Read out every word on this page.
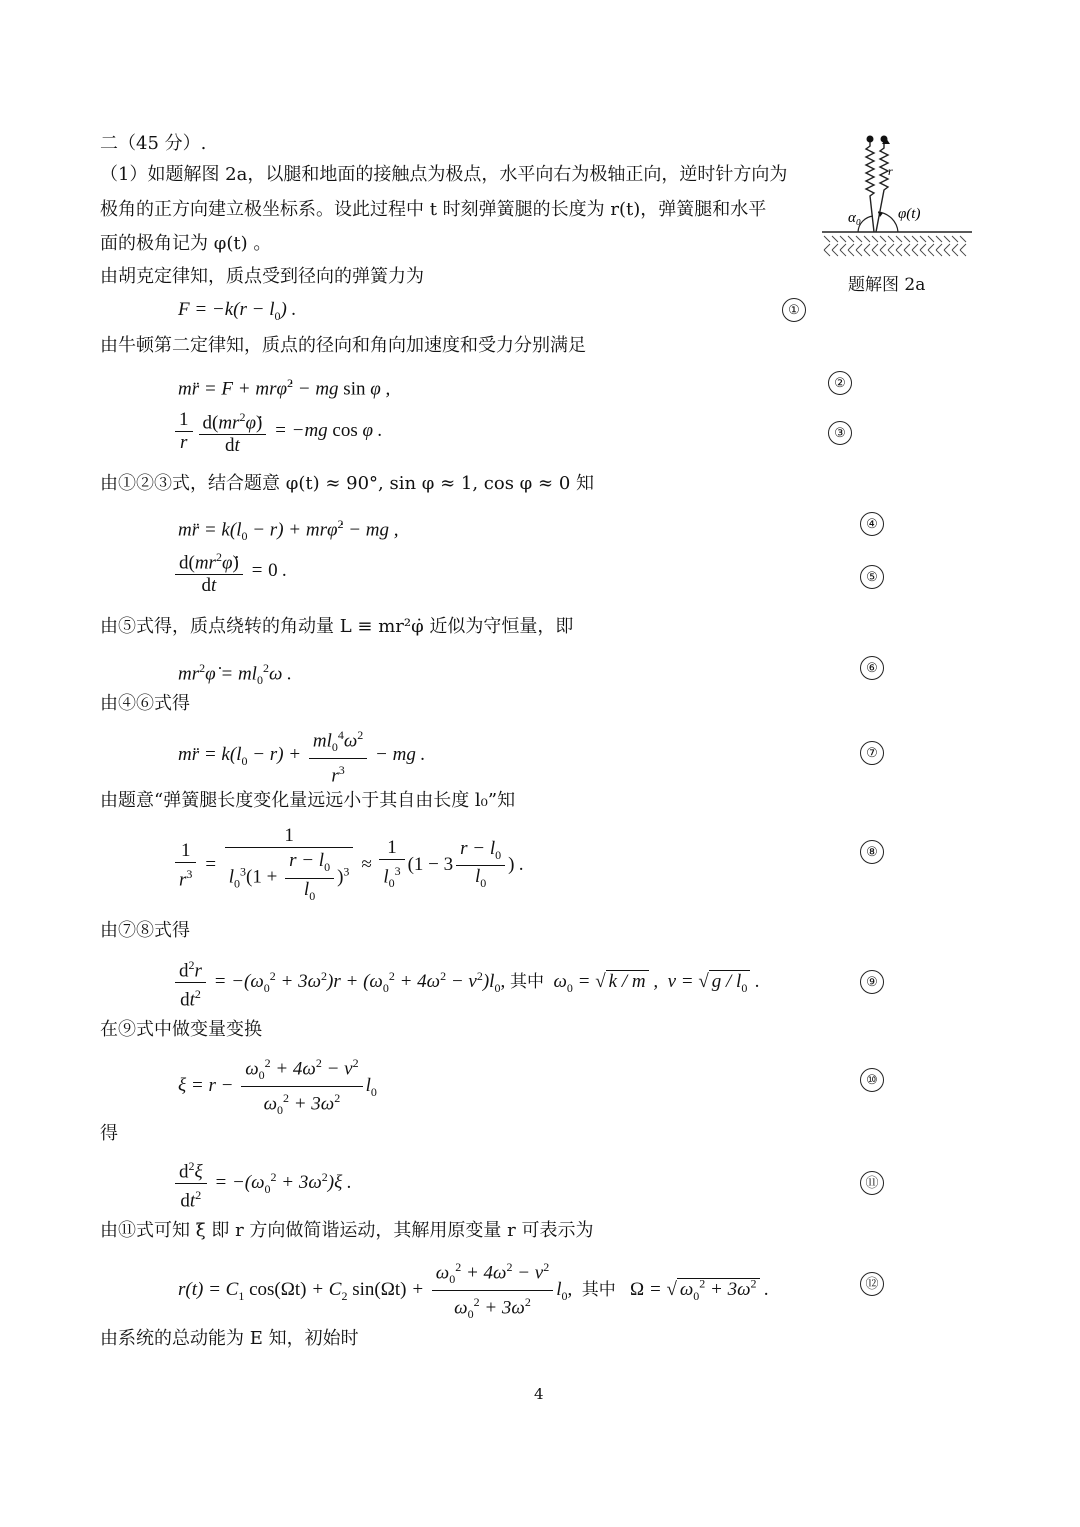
二（45 分）.
（1）如题解图 2a，以腿和地面的接触点为极点，水平向右为极轴正向，逆时针方向为
极角的正方向建立极坐标系。设此过程中 t 时刻弹簧腿的长度为 r(t)，弹簧腿和水平
面的极角记为 φ(t) 。
由胡克定律知，质点受到径向的弹簧力为
$F = -k(r - l_0)$ .	①
由牛顿第二定律知，质点的径向和角向加速度和受力分别满足
mr̈ = F + mrφ̇$^2$ − mg sin φ ,	②
$\frac{1}{r} \frac{d(mr^2\varphi̇)}{dt} = -mg$ cos φ .	③
由①②③式，结合题意 φ(t) ≈ 90°, sin φ ≈ 1, cos φ ≈ 0 知
mr̈ = $k(l_0 - r)$ + mrφ̇$^2$ − mg ,	④
$\frac{d(mr^2\varphi̇)}{dt} = 0$ .	⑤
由⑤式得，质点绕转的角动量 L ≡ mr²φ̇ 近似为守恒量，即
$mr^2\varphi̇ = ml_0^2\omega$ .	⑥
由④⑥式得
mr̈ = $k(l_0 - r) + \frac{ml_0^4\omega^2}{r^3}$ − mg .	⑦
由题意“弹簧腿长度变化量远远小于其自由长度 l₀”知
$\frac{1}{r^3} = \frac{1}{l_0^3(1 + \frac{r - l_0}{l_0} )^3} \approx \frac{1}{l_0^3} (1 - 3 \frac{r - l_0}{l_0}$ ) .
⑧
由⑦⑧式得
$\frac{d^2r}{dt^2} = -(\omega_0^2 + 3\omega^2)r + (\omega_0^2 + 4\omega^2 - \nu^2)l_0$, 其中  $\omega_0$ = √ k / m ,  ν = √ g / $l_0$ .	⑨
在⑨式中做变量变换
$\xi = r - \frac{\omega_0^2 + 4\omega^2 - \nu^2}{\omega_0^2 + 3\omega^2} l_0$
⑩
得
$\frac{d^2\xi}{dt^2} = -(\omega_0^2 + 3\omega^2)\xi$ .	⑪
由⑪式可知 ξ 即 r 方向做简谐运动，其解用原变量 r 可表示为
$r(t) = C_1$ $\cos(\Omega t) + C_2$ $\sin(\Omega t) + \frac{\omega_0^2 + 4\omega^2 - \nu^2}{\omega_0^2 + 3\omega^2} l_0$,  其中 Ω = √ $\omega_0^2 + 3\omega^2$ .	⑫
由系统的总动能为 E 知，初始时
α₀ φ(t)
r
题解图 2a
4
